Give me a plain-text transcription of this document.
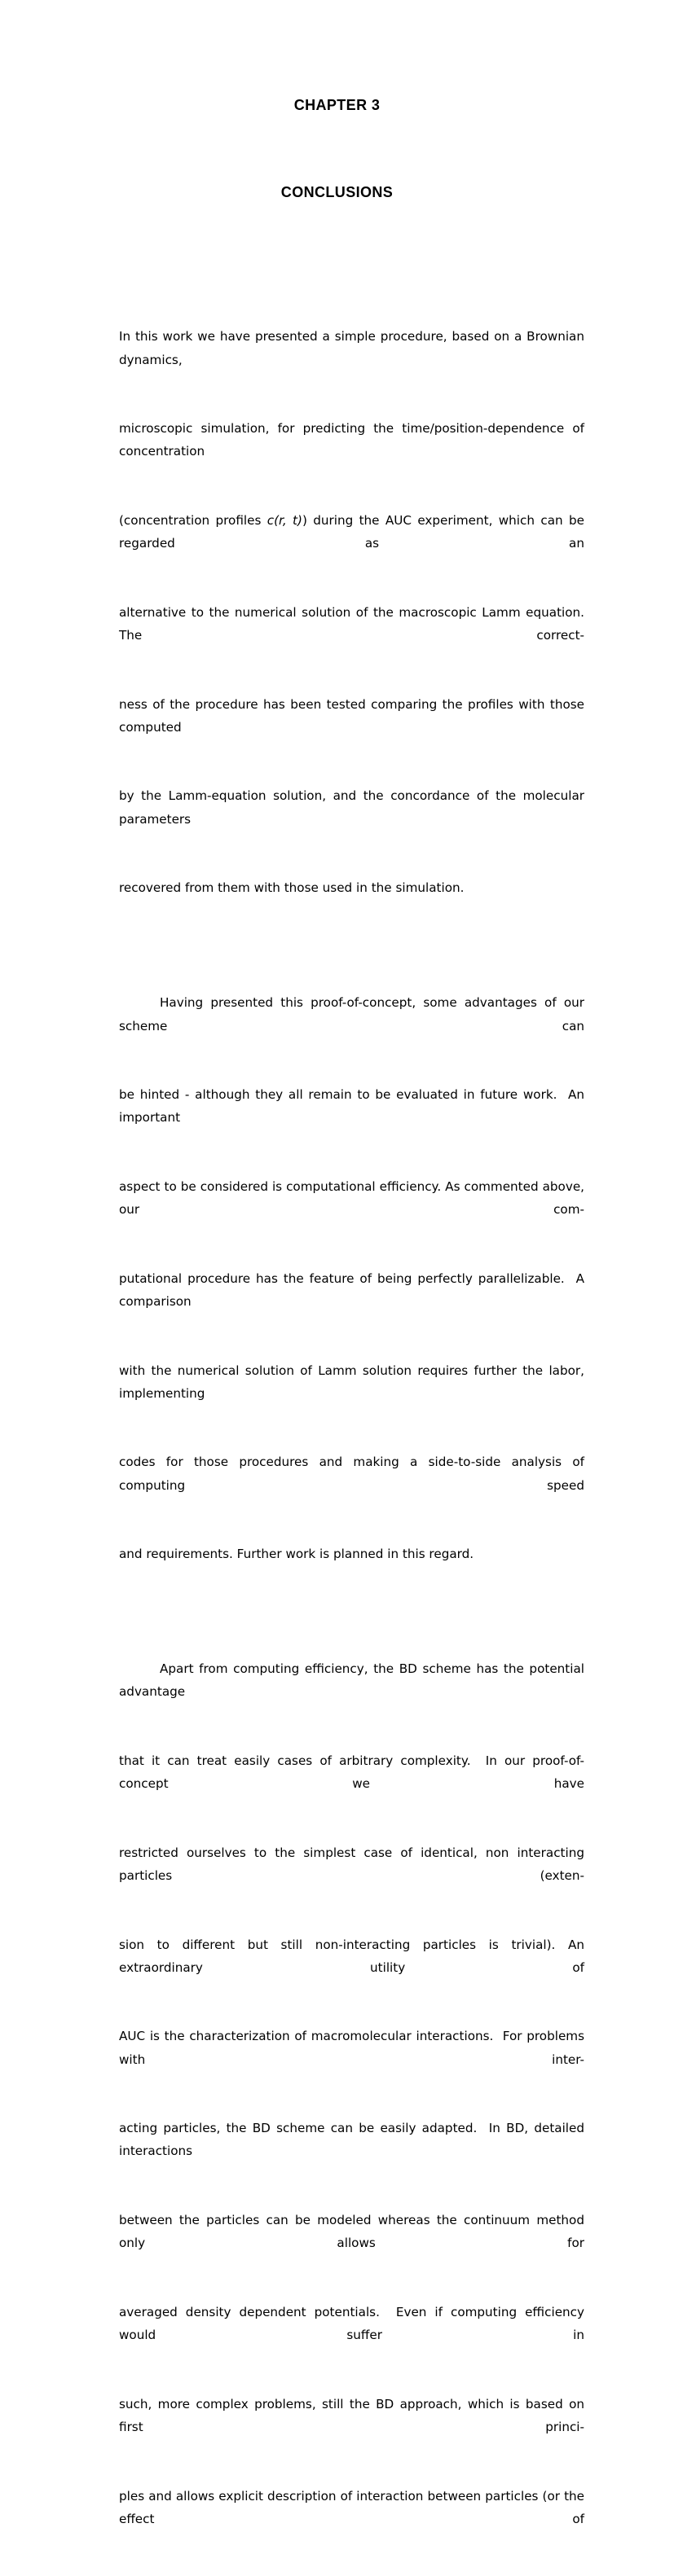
CHAPTER 3
CONCLUSIONS

In this work we have presented a simple procedure, based on a Brownian dynamics,

microscopic simulation, for predicting the time/position-dependence of concentration

(concentration profiles c(r, t)) during the AUC experiment, which can be regarded as an

alternative to the numerical solution of the macroscopic Lamm equation. The correct-

ness of the procedure has been tested comparing the profiles with those computed

by the Lamm-equation solution, and the concordance of the molecular parameters

recovered from them with those used in the simulation.

Having presented this proof-of-concept, some advantages of our scheme can

be hinted - although they all remain to be evaluated in future work.  An important

aspect to be considered is computational efficiency. As commented above, our com-

putational procedure has the feature of being perfectly parallelizable.  A comparison

with the numerical solution of Lamm solution requires further the labor, implementing

codes for those procedures and making a side-to-side analysis of computing speed

and requirements. Further work is planned in this regard.

Apart from computing efficiency, the BD scheme has the potential advantage

that it can treat easily cases of arbitrary complexity.  In our proof-of-concept we have

restricted ourselves to the simplest case of identical, non interacting particles (exten-

sion to different but still non-interacting particles is trivial). An extraordinary utility of

AUC is the characterization of macromolecular interactions.  For problems with inter-

acting particles, the BD scheme can be easily adapted.  In BD, detailed interactions

between the particles can be modeled whereas the continuum method only allows for

averaged density dependent potentials.  Even if computing efficiency would suffer in

such, more complex problems, still the BD approach, which is based on first princi-

ples and allows explicit description of interaction between particles (or the effect of
